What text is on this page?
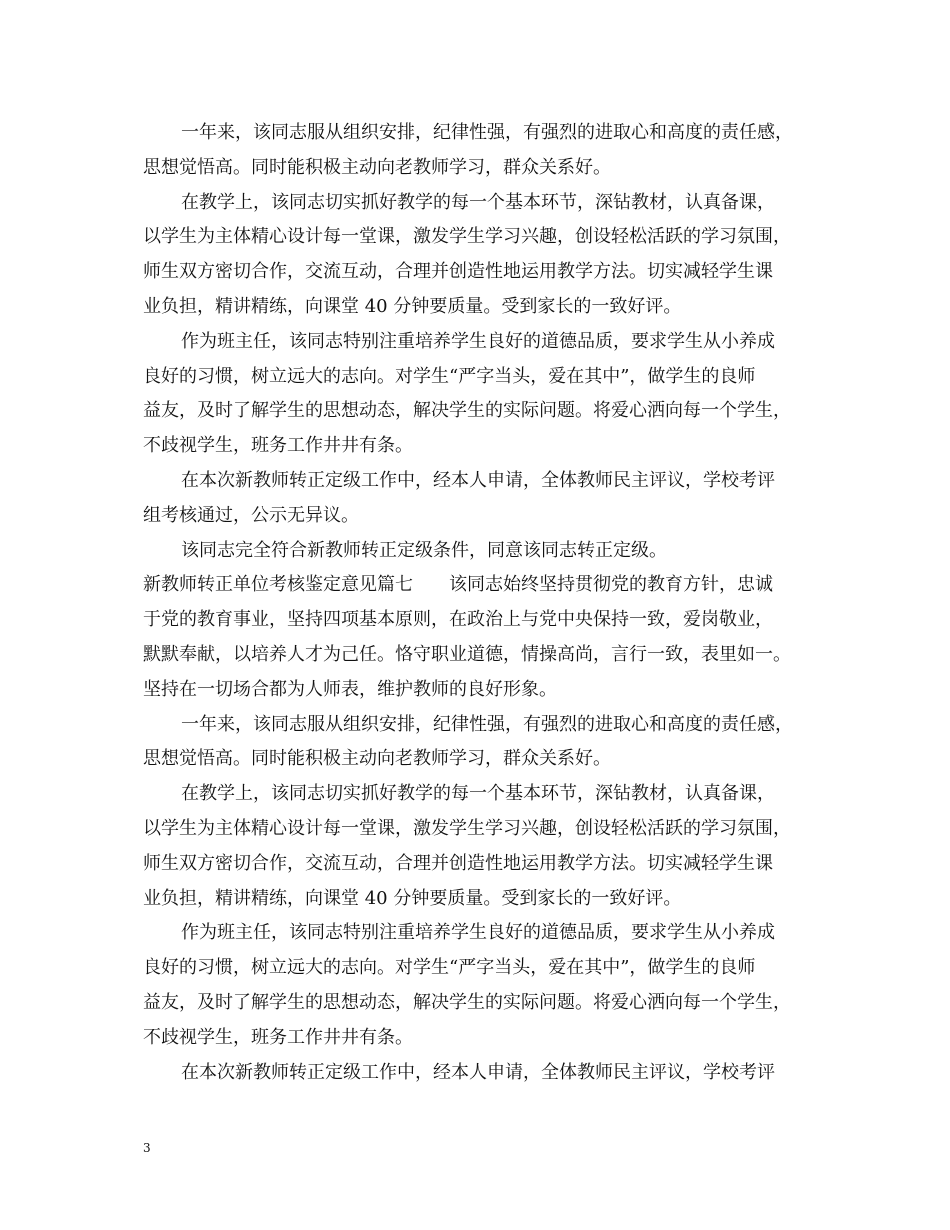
一年来，该同志服从组织安排，纪律性强，有强烈的进取心和高度的责任感，
思想觉悟高。同时能积极主动向老教师学习，群众关系好。
在教学上，该同志切实抓好教学的每一个基本环节，深钻教材，认真备课，
以学生为主体精心设计每一堂课，激发学生学习兴趣，创设轻松活跃的学习氛围，
师生双方密切合作，交流互动，合理并创造性地运用教学方法。切实减轻学生课
业负担，精讲精练，向课堂 40 分钟要质量。受到家长的一致好评。
作为班主任，该同志特别注重培养学生良好的道德品质，要求学生从小养成
良好的习惯，树立远大的志向。对学生“严字当头，爱在其中”，做学生的良师
益友，及时了解学生的思想动态，解决学生的实际问题。将爱心洒向每一个学生，
不歧视学生，班务工作井井有条。
在本次新教师转正定级工作中，经本人申请，全体教师民主评议，学校考评
组考核通过，公示无异议。
该同志完全符合新教师转正定级条件，同意该同志转正定级。
新教师转正单位考核鉴定意见篇七　　该同志始终坚持贯彻党的教育方针，忠诚
于党的教育事业，坚持四项基本原则，在政治上与党中央保持一致，爱岗敬业，
默默奉献，以培养人才为己任。恪守职业道德，情操高尚，言行一致，表里如一。
坚持在一切场合都为人师表，维护教师的良好形象。
一年来，该同志服从组织安排，纪律性强，有强烈的进取心和高度的责任感，
思想觉悟高。同时能积极主动向老教师学习，群众关系好。
在教学上，该同志切实抓好教学的每一个基本环节，深钻教材，认真备课，
以学生为主体精心设计每一堂课，激发学生学习兴趣，创设轻松活跃的学习氛围，
师生双方密切合作，交流互动，合理并创造性地运用教学方法。切实减轻学生课
业负担，精讲精练，向课堂 40 分钟要质量。受到家长的一致好评。
作为班主任，该同志特别注重培养学生良好的道德品质，要求学生从小养成
良好的习惯，树立远大的志向。对学生“严字当头，爱在其中”，做学生的良师
益友，及时了解学生的思想动态，解决学生的实际问题。将爱心洒向每一个学生，
不歧视学生，班务工作井井有条。
在本次新教师转正定级工作中，经本人申请，全体教师民主评议，学校考评
3
